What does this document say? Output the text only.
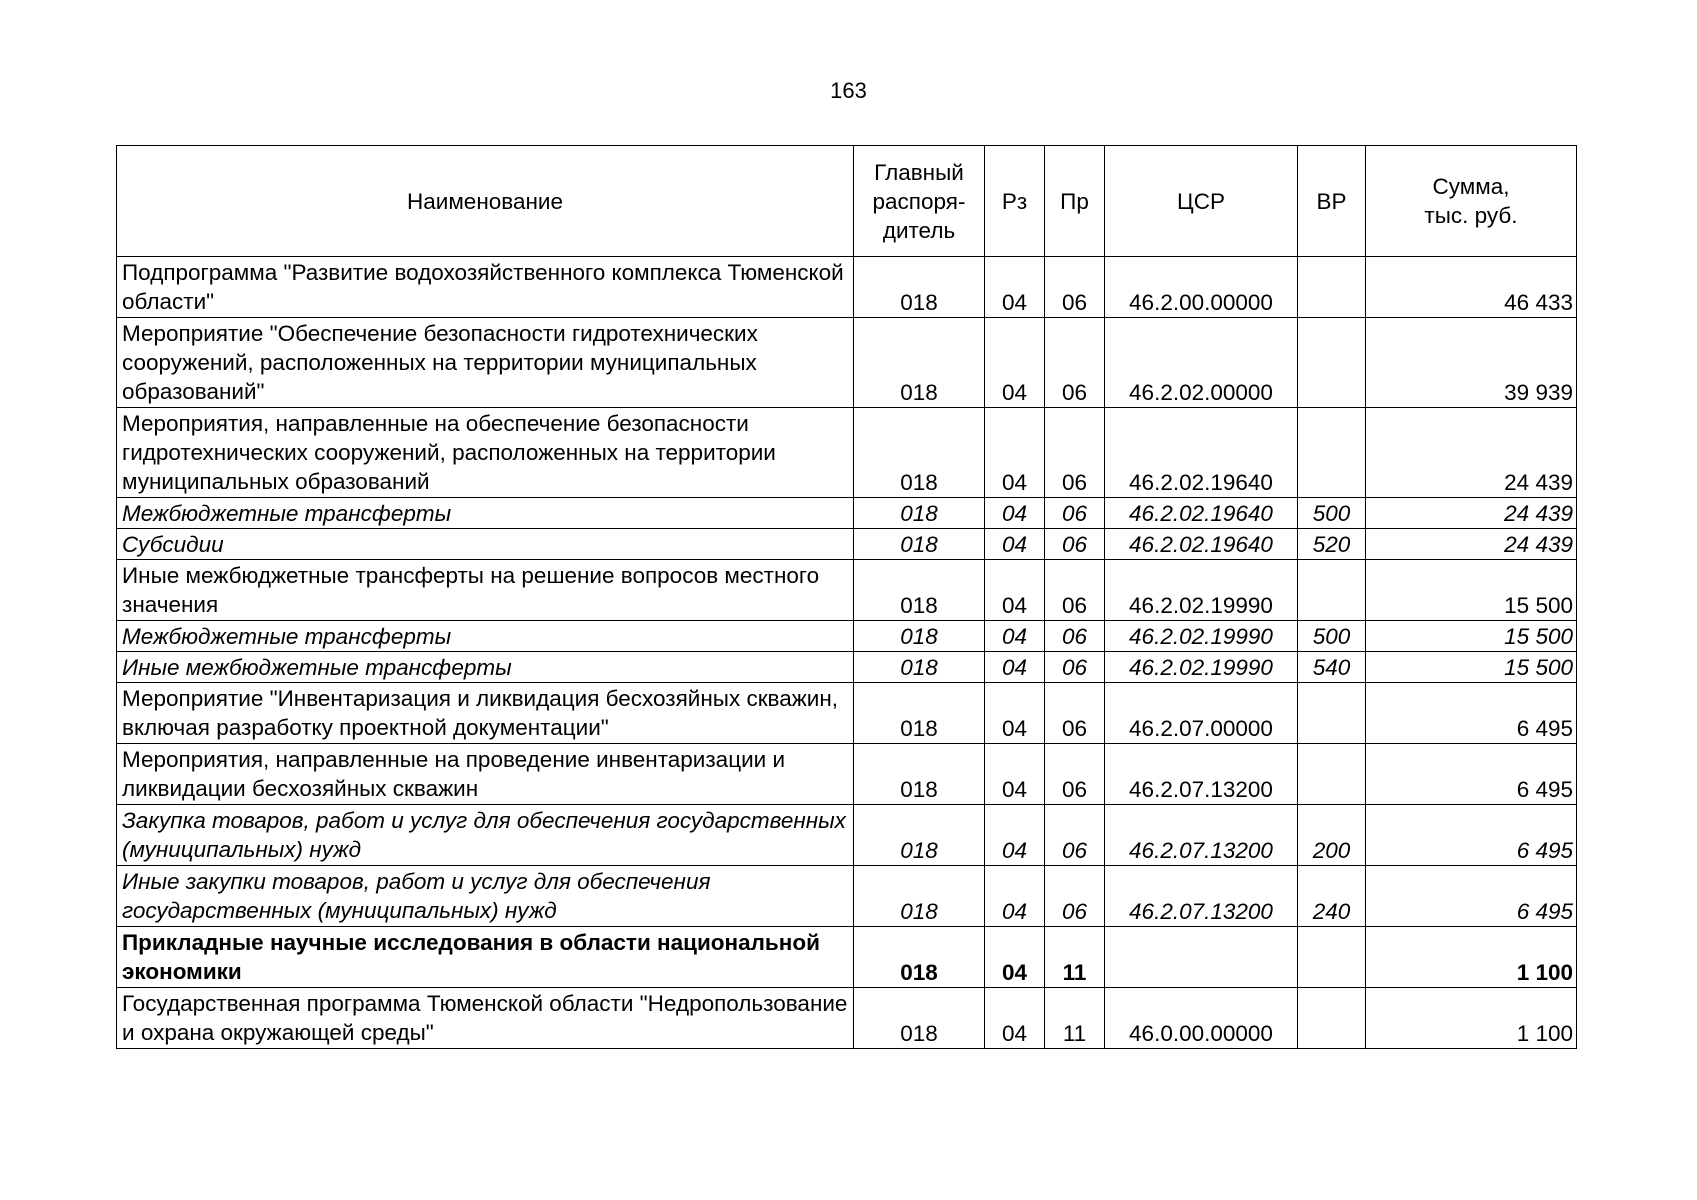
163
Наименование	Главный
распоря-
дитель	Рз	Пр	ЦСР	ВР	Сумма,
тыс. руб.
Подпрограмма "Развитие водохозяйственного комплекса Тюменской области"	018	04	06	46.2.00.00000		46 433
Мероприятие "Обеспечение безопасности гидротехнических сооружений, расположенных на территории муниципальных образований"	018	04	06	46.2.02.00000		39 939
Мероприятия, направленные на обеспечение безопасности гидротехнических сооружений, расположенных на территории муниципальных образований	018	04	06	46.2.02.19640		24 439
Межбюджетные трансферты	018	04	06	46.2.02.19640	500	24 439
Субсидии	018	04	06	46.2.02.19640	520	24 439
Иные межбюджетные трансферты на решение вопросов местного значения	018	04	06	46.2.02.19990		15 500
Межбюджетные трансферты	018	04	06	46.2.02.19990	500	15 500
Иные межбюджетные трансферты	018	04	06	46.2.02.19990	540	15 500
Мероприятие "Инвентаризация и ликвидация бесхозяйных скважин, включая разработку проектной документации"	018	04	06	46.2.07.00000		6 495
Мероприятия, направленные на проведение инвентаризации и ликвидации бесхозяйных скважин	018	04	06	46.2.07.13200		6 495
Закупка товаров, работ и услуг для обеспечения государственных (муниципальных) нужд	018	04	06	46.2.07.13200	200	6 495
Иные закупки товаров, работ и услуг для обеспечения государственных (муниципальных) нужд	018	04	06	46.2.07.13200	240	6 495
Прикладные научные исследования в области национальной экономики	018	04	11			1 100
Государственная программа Тюменской области "Недропользование и охрана окружающей среды"	018	04	11	46.0.00.00000		1 100
